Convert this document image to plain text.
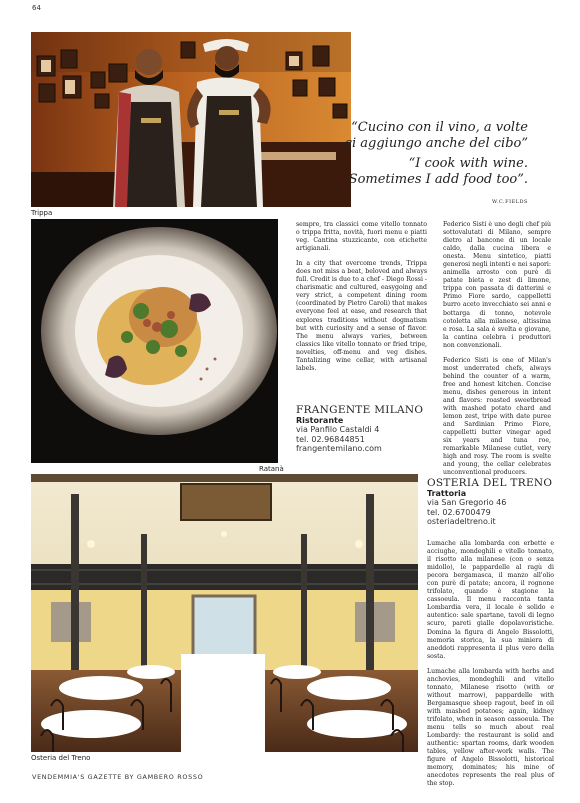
64
Trippa
“Cucino con il vino, a volte
ci aggiungo anche del cibo”
“I cook with wine.
Sometimes I add food too”.
W.C.FIELDS
Ratanà

sempre, tra classici come vitello tonnato o trippa fritta, novità, fuori menu e piatti veg. Cantina stuzzicante, con etichette artigianali.

In a city that overcome trends, Trippa does not miss a beat, beloved and always full. Credit is due to a chef - Diego Rossi - charismatic and cultured, easygoing and very strict, a competent dining room (coordinated by Pietro Caroli) that makes everyone feel at ease, and research that explores traditions without dogmatism but with curiosity and a sense of flavor. The menu always varies, between classics like vitello tonnato or fried tripe, novelties, off-menu and veg dishes. Tantalizing wine cellar, with artisanal labels.

FRANGENTE MILANO
Ristorante
via Panfilo Castaldi 4
tel. 02.96844851
frangentemilano.com

Federico Sisti è uno degli chef più sottovalutati di Milano, sempre dietro al bancone di un locale caldo, dalla cucina libera e onesta. Menu sintetico, piatti generosi negli intenti e nei sapori: animella arrosto con purè di patate bieta e zest di limone, trippa con passata di datterini e Primo Fiore sardo, cappelletti burro aceto invecchiato sei anni e bottarga di tonno, notevole cotoletta alla milanese, altissima e rosa. La sala è svelta e giovane, la cantina celebra i produttori non convenzionali.

Federico Sisti is one of Milan's most underrated chefs, always behind the counter of a warm, free and honest kitchen. Concise menu, dishes generous in intent and flavors: roasted sweetbread with mashed potato chard and lemon zest, tripe with date puree and Sardinian Primo Fiore, cappelletti butter vinegar aged six years and tuna roe, remarkable Milanese cutlet, very high and rosy. The room is svelte and young, the cellar celebrates unconventional producers.

Osteria del Treno
OSTERIA DEL TRENO
Trattoria
via San Gregorio 46
tel. 02.6700479
osteriadeltreno.it

Lumache alla lombarda con erbette e acciughe, mondeghili e vitello tonnato, il risotto alla milanese (con o senza midollo), le pappardelle al ragù di pecora bergamasca, il manzo all'olio con purè di patate; ancora, il rognone trifolato, quando è stagione la cassoeula. Il menu racconta tanta Lombardia vera, il locale è solido e autentico: sale spartane, tavoli di legno scuro, pareti gialle dopolavoristiche. Domina la figura di Angelo Bissolotti, memoria storica, la sua miniera di aneddoti rappresenta il plus vero della sosta.

Lumache alla lombarda with herbs and anchovies, mondeghili and vitello tonnato, Milanese risotto (with or without marrow), pappardelle with Bergamasque sheep ragout, beef in oil with mashed potatoes; again, kidney trifolato, when in season cassoeula. The menu tells so much about real Lombardy: the restaurant is solid and authentic: spartan rooms, dark wooden tables, yellow after-work walls. The figure of Angelo Bissolotti, historical memory, dominates; his mine of anecdotes represents the real plus of the stop.

VENDEMMIA'S GAZETTE BY GAMBERO ROSSO
